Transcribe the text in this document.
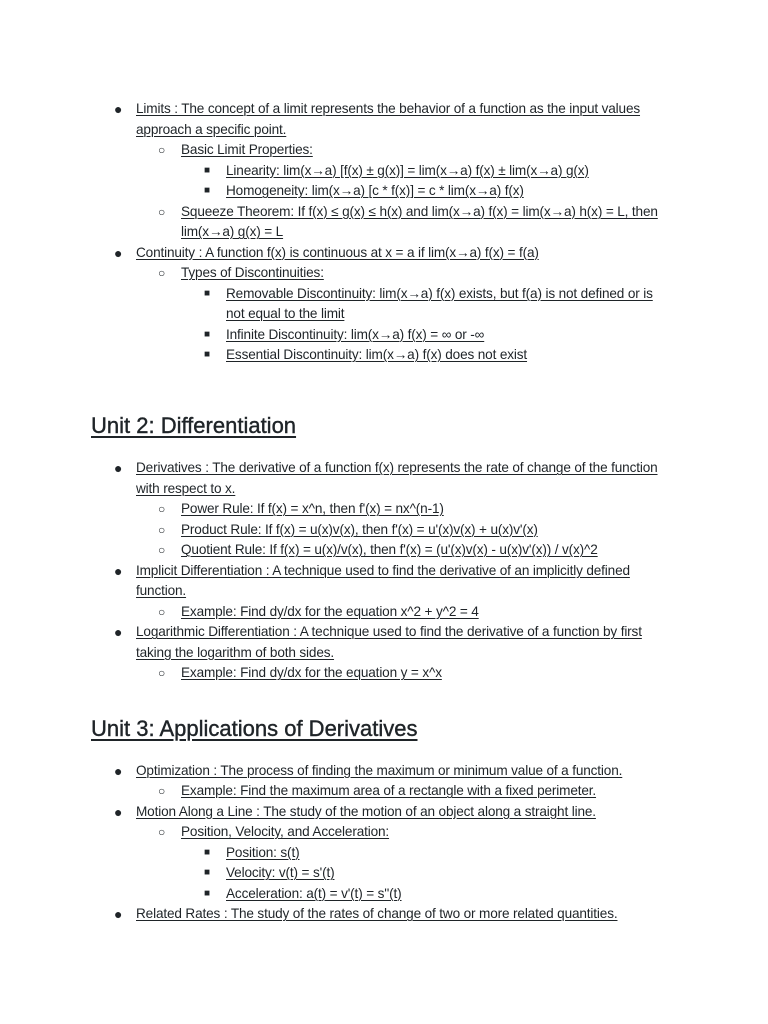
● Limits : The concept of a limit represents the behavior of a function as the input values approach a specific point.
○ Basic Limit Properties:
■ Linearity: lim(x→a) [f(x) ± g(x)] = lim(x→a) f(x) ± lim(x→a) g(x)
■ Homogeneity: lim(x→a) [c * f(x)] = c * lim(x→a) f(x)
○ Squeeze Theorem: If f(x) ≤ g(x) ≤ h(x) and lim(x→a) f(x) = lim(x→a) h(x) = L, then lim(x→a) g(x) = L
● Continuity : A function f(x) is continuous at x = a if lim(x→a) f(x) = f(a)
○ Types of Discontinuities:
■ Removable Discontinuity: lim(x→a) f(x) exists, but f(a) is not defined or is not equal to the limit
■ Infinite Discontinuity: lim(x→a) f(x) = ∞ or -∞
■ Essential Discontinuity: lim(x→a) f(x) does not exist
Unit 2: Differentiation
● Derivatives : The derivative of a function f(x) represents the rate of change of the function with respect to x.
○ Power Rule: If f(x) = x^n, then f'(x) = nx^(n-1)
○ Product Rule: If f(x) = u(x)v(x), then f'(x) = u'(x)v(x) + u(x)v'(x)
○ Quotient Rule: If f(x) = u(x)/v(x), then f'(x) = (u'(x)v(x) - u(x)v'(x)) / v(x)^2
● Implicit Differentiation : A technique used to find the derivative of an implicitly defined function.
○ Example: Find dy/dx for the equation x^2 + y^2 = 4
● Logarithmic Differentiation : A technique used to find the derivative of a function by first taking the logarithm of both sides.
○ Example: Find dy/dx for the equation y = x^x
Unit 3: Applications of Derivatives
● Optimization : The process of finding the maximum or minimum value of a function.
○ Example: Find the maximum area of a rectangle with a fixed perimeter.
● Motion Along a Line : The study of the motion of an object along a straight line.
○ Position, Velocity, and Acceleration:
■ Position: s(t)
■ Velocity: v(t) = s'(t)
■ Acceleration: a(t) = v'(t) = s''(t)
● Related Rates : The study of the rates of change of two or more related quantities.
